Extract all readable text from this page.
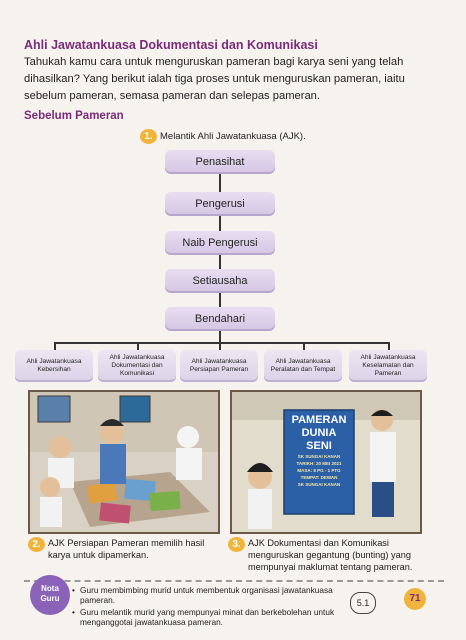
Ahli Jawatankuasa Dokumentasi dan Komunikasi
Tahukah kamu cara untuk menguruskan pameran bagi karya seni yang telah dihasilkan? Yang berikut ialah tiga proses untuk menguruskan pameran, iaitu sebelum pameran, semasa pameran dan selepas pameran.
Sebelum Pameran
1. Melantik Ahli Jawatankuasa (AJK).
Penasihat
Pengerusi
Naib Pengerusi
Setiausaha
Bendahari
Ahli Jawatankuasa Kebersihan
Ahli Jawatankuasa Dokumentasi dan Komunikasi
Ahli Jawatankuasa Persiapan Pameran
Ahli Jawatankuasa Peralatan dan Tempat
Ahli Jawatankuasa Keselamatan dan Pameran
PAMERAN
DUNIA
SENI
SK SUNGAI KANAN
TARIKH: 20 MEI 2021
MASA: 8 PG - 1 PTG
TEMPAT: DEWAN
SK SUNGAI KANAN
2. AJK Persiapan Pameran memilih hasil karya untuk dipamerkan.
3. AJK Dokumentasi dan Komunikasi menguruskan gegantung (bunting) yang mempunyai maklumat tentang pameran.
Nota
Guru
• Guru membimbing murid untuk membentuk organisasi jawatankuasa pameran.
• Guru melantik murid yang mempunyai minat dan berkebolehan untuk menganggotai jawatankuasa pameran.
5.1	71
